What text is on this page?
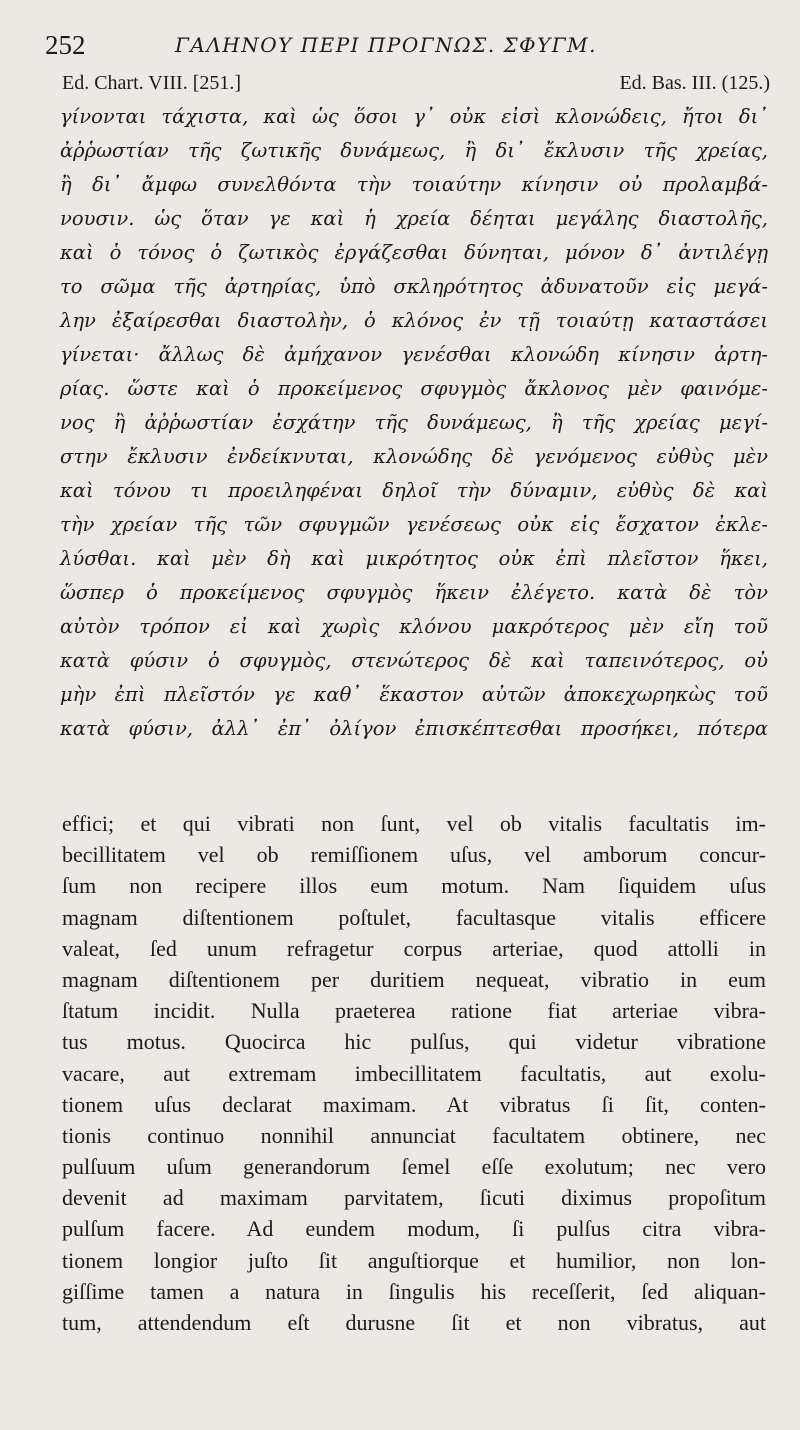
252	ΓΑΛΗΝΟΥ ΠΕΡΙ ΠΡΟΓΝΩΣ. ΣΦΥΓΜ.
Ed. Chart. VIII. [251.]	Ed. Bas. III. (125.)
γίνονται τάχιστα, καὶ ὡς ὅσοι γ᾽ οὐκ εἰσὶ κλονώδεις, ἤτοι δι᾽
ἀῤῥωστίαν τῆς ζωτικῆς δυνάμεως, ἢ δι᾽ ἔκλυσιν τῆς χρείας,
ἢ δι᾽ ἄμφω συνελθόντα τὴν τοιαύτην κίνησιν οὐ προλαμβά-
νουσιν. ὡς ὅταν γε καὶ ἡ χρεία δέηται μεγάλης διαστολῆς,
καὶ ὁ τόνος ὁ ζωτικὸς ἐργάζεσθαι δύνηται, μόνον δ᾽ ἀντιλέγῃ
το σῶμα τῆς ἀρτηρίας, ὑπὸ σκληρότητος ἀδυνατοῦν εἰς μεγά-
λην ἐξαίρεσθαι διαστολὴν, ὁ κλόνος ἐν τῇ τοιαύτῃ καταστάσει
γίνεται· ἄλλως δὲ ἀμήχανον γενέσθαι κλονώδη κίνησιν ἀρτη-
ρίας. ὥστε καὶ ὁ προκείμενος σφυγμὸς ἄκλονος μὲν φαινόμε-
νος ἢ ἀῤῥωστίαν ἐσχάτην τῆς δυνάμεως, ἢ τῆς χρείας μεγί-
στην ἔκλυσιν ἐνδείκνυται, κλονώδης δὲ γενόμενος εὐθὺς μὲν
καὶ τόνου τι προειληφέναι δηλοῖ τὴν δύναμιν, εὐθὺς δὲ καὶ
τὴν χρείαν τῆς τῶν σφυγμῶν γενέσεως οὐκ εἰς ἔσχατον ἐκλε-
λύσθαι. καὶ μὲν δὴ καὶ μικρότητος οὐκ ἐπὶ πλεῖστον ἥκει,
ὥσπερ ὁ προκείμενος σφυγμὸς ἥκειν ἐλέγετο. κατὰ δὲ τὸν
αὐτὸν τρόπον εἰ καὶ χωρὶς κλόνου μακρότερος μὲν εἴη τοῦ
κατὰ φύσιν ὁ σφυγμὸς, στενώτερος δὲ καὶ ταπεινότερος, οὐ
μὴν ἐπὶ πλεῖστόν γε καθ᾽ ἕκαστον αὐτῶν ἀποκεχωρηκὼς τοῦ
κατὰ φύσιν, ἀλλ᾽ ἐπ᾽ ὀλίγον ἐπισκέπτεσθαι προσήκει, πότερα
effici; et qui vibrati non ſunt, vel ob vitalis facultatis im-
becillitatem vel ob remiſſionem uſus, vel amborum concur-
ſum non recipere illos eum motum. Nam ſiquidem uſus
magnam diſtentionem poſtulet, facultasque vitalis efficere
valeat, ſed unum refragetur corpus arteriae, quod attolli in
magnam diſtentionem per duritiem nequeat, vibratio in eum
ſtatum incidit. Nulla praeterea ratione fiat arteriae vibra-
tus motus. Quocirca hic pulſus, qui videtur vibratione
vacare, aut extremam imbecillitatem facultatis, aut exolu-
tionem uſus declarat maximam. At vibratus ſi ſit, conten-
tionis continuo nonnihil annunciat facultatem obtinere, nec
pulſuum uſum generandorum ſemel eſſe exolutum; nec vero
devenit ad maximam parvitatem, ſicuti diximus propoſitum
pulſum facere. Ad eundem modum, ſi pulſus citra vibra-
tionem longior juſto ſit anguſtiorque et humilior, non lon-
giſſime tamen a natura in ſingulis his receſſerit, ſed aliquan-
tum, attendendum eſt durusne ſit et non vibratus, aut
